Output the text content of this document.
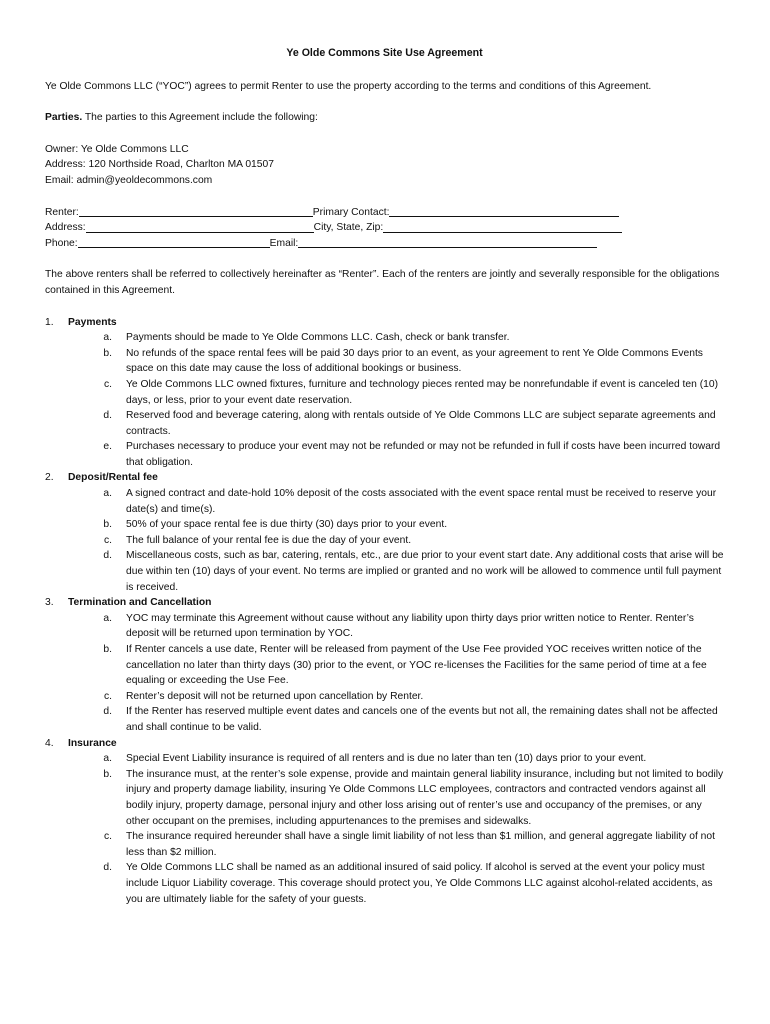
Ye Olde Commons Site Use Agreement
Ye Olde Commons LLC (“YOC”) agrees to permit Renter to use the property according to the terms and conditions of this Agreement.
Parties. The parties to this Agreement include the following:
Owner: Ye Olde Commons LLC
Address: 120 Northside Road, Charlton MA 01507
Email: admin@yeoldecommons.com
Renter:	Primary Contact:
Address:	City, State, Zip:
Phone:	Email:
The above renters shall be referred to collectively hereinafter as “Renter”. Each of the renters are jointly and severally responsible for the obligations contained in this Agreement.
1.	Payments
a.	Payments should be made to Ye Olde Commons LLC. Cash, check or bank transfer.
b.	No refunds of the space rental fees will be paid 30 days prior to an event, as your agreement to rent Ye Olde Commons Events space on this date may cause the loss of additional bookings or business.
c.	Ye Olde Commons LLC owned fixtures, furniture and technology pieces rented may be nonrefundable if event is canceled ten (10) days, or less, prior to your event date reservation.
d.	Reserved food and beverage catering, along with rentals outside of Ye Olde Commons LLC are subject separate agreements and contracts.
e.	Purchases necessary to produce your event may not be refunded or may not be refunded in full if costs have been incurred toward that obligation.
2.	Deposit/Rental fee
a.	A signed contract and date-hold 10% deposit of the costs associated with the event space rental must be received to reserve your date(s) and time(s).
b.	50% of your space rental fee is due thirty (30) days prior to your event.
c.	The full balance of your rental fee is due the day of your event.
d.	Miscellaneous costs, such as bar, catering, rentals, etc., are due prior to your event start date. Any additional costs that arise will be due within ten (10) days of your event. No terms are implied or granted and no work will be allowed to commence until full payment is received.
3.	Termination and Cancellation
a.	YOC may terminate this Agreement without cause without any liability upon thirty days prior written notice to Renter. Renter’s deposit will be returned upon termination by YOC.
b.	If Renter cancels a use date, Renter will be released from payment of the Use Fee provided YOC receives written notice of the cancellation no later than thirty days (30) prior to the event, or YOC re-licenses the Facilities for the same period of time at a fee equaling or exceeding the Use Fee.
c.	Renter’s deposit will not be returned upon cancellation by Renter.
d.	If the Renter has reserved multiple event dates and cancels one of the events but not all, the remaining dates shall not be affected and shall continue to be valid.
4.	Insurance
a.	Special Event Liability insurance is required of all renters and is due no later than ten (10) days prior to your event.
b.	The insurance must, at the renter’s sole expense, provide and maintain general liability insurance, including but not limited to bodily injury and property damage liability, insuring Ye Olde Commons LLC employees, contractors and contracted vendors against all bodily injury, property damage, personal injury and other loss arising out of renter’s use and occupancy of the premises, or any other occupant on the premises, including appurtenances to the premises and sidewalks.
c.	The insurance required hereunder shall have a single limit liability of not less than $1 million, and general aggregate liability of not less than $2 million.
d.	Ye Olde Commons LLC shall be named as an additional insured of said policy. If alcohol is served at the event your policy must include Liquor Liability coverage. This coverage should protect you, Ye Olde Commons LLC against alcohol-related accidents, as you are ultimately liable for the safety of your guests.
